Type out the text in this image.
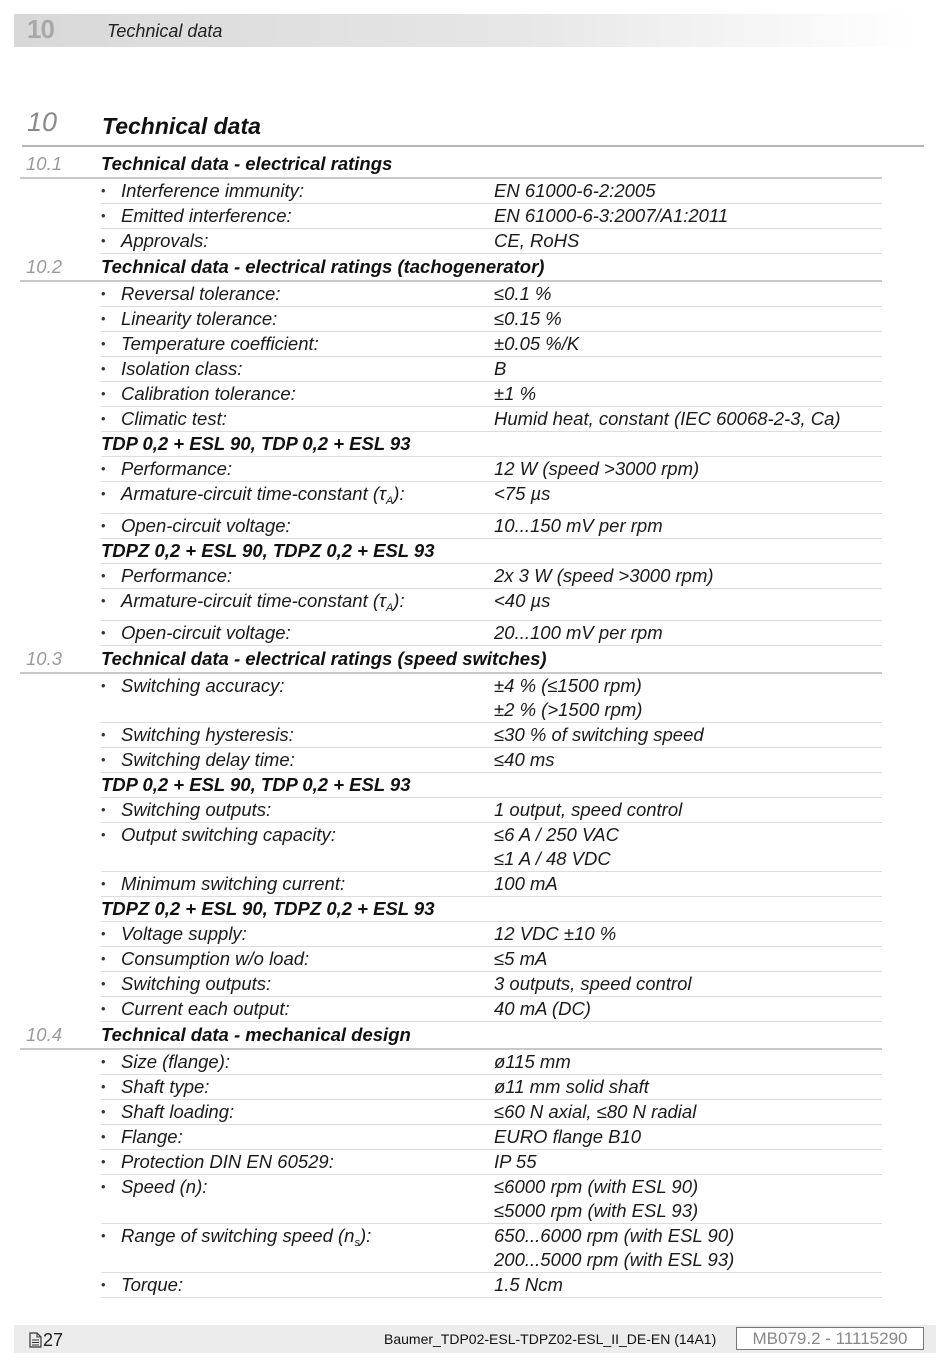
10	Technical data
10 Technical data
10.1	Technical data - electrical ratings		
	•	Interference immunity:	EN 61000-6-2:2005

	•	Emitted interference:	EN 61000-6-3:2007/A1:2011

	•	Approvals:	CE, RoHS

10.2	Technical data - electrical ratings (tachogenerator)		
	•	Reversal tolerance:	≤0.1 %

	•	Linearity tolerance:	≤0.15 %

	•	Temperature coefficient:	±0.05 %/K

	•	Isolation class:	B

	•	Calibration tolerance:	±1 %

	•	Climatic test:	Humid heat, constant (IEC 60068-2-3, Ca)

	TDP 0,2 + ESL 90, TDP 0,2 + ESL 93		
	•	Performance:	12 W (speed >3000 rpm)

	•	Armature-circuit time-constant $(\tau_A)$:	<75 µs

	•	Open-circuit voltage:	10...150 mV per rpm

	TDPZ 0,2 + ESL 90, TDPZ 0,2 + ESL 93		
	•	Performance:	2x 3 W (speed >3000 rpm)

	•	Armature-circuit time-constant $(\tau_A)$:	<40 µs

	•	Open-circuit voltage:	20...100 mV per rpm

10.3	Technical data - electrical ratings (speed switches)		
	•	Switching accuracy:	±4 % (≤1500 rpm)
±2 % (>1500 rpm)

	•	Switching hysteresis:	≤30 % of switching speed

	•	Switching delay time:	≤40 ms

	TDP 0,2 + ESL 90, TDP 0,2 + ESL 93		
	•	Switching outputs:	1 output, speed control

	•	Output switching capacity:	≤6 A / 250 VAC
≤1 A / 48 VDC

	•	Minimum switching current:	100 mA

	TDPZ 0,2 + ESL 90, TDPZ 0,2 + ESL 93		
	•	Voltage supply:	12 VDC ±10 %

	•	Consumption w/o load:	≤5 mA

	•	Switching outputs:	3 outputs, speed control

	•	Current each output:	40 mA (DC)

10.4	Technical data - mechanical design		
	•	Size (flange):	ø115 mm

	•	Shaft type:	ø11 mm solid shaft

	•	Shaft loading:	≤60 N axial, ≤80 N radial

	•	Flange:	EURO flange B10

	•	Protection DIN EN 60529:	IP 55

	•	Speed (n):	≤6000 rpm (with ESL 90)
≤5000 rpm (with ESL 93)

	•	Range of switching speed $(n_s)$:	650...6000 rpm (with ESL 90)
200...5000 rpm (with ESL 93)

	•	Torque:	1.5 Ncm
27	Baumer_TDP02-ESL-TDPZ02-ESL_II_DE-EN (14A1)	MB079.2 - 11115290
